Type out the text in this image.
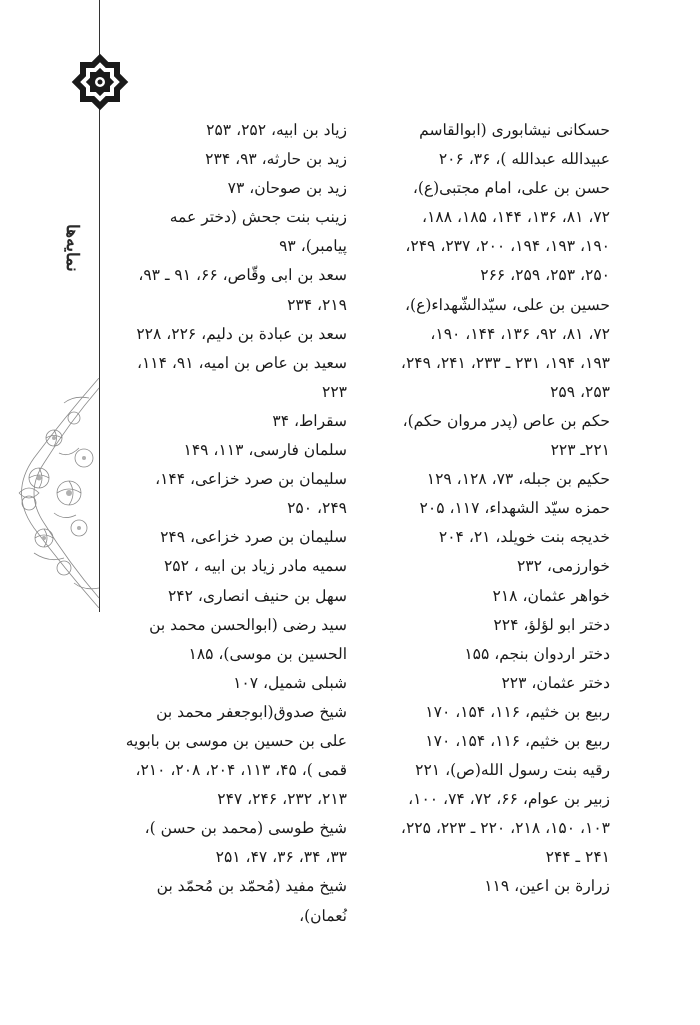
نمایه‌ها
حسکانی نیشابوری (ابوالقاسم عبیدالله عبدالله )، ۳۶، ۲۰۶
حسن بن علی، امام مجتبی(ع)، ۷۲، ۸۱، ۱۳۶، ۱۴۴، ۱۸۵، ۱۸۸، ۱۹۰، ۱۹۳، ۱۹۴، ۲۰۰، ۲۳۷، ۲۴۹، ۲۵۰، ۲۵۳، ۲۵۹، ۲۶۶
حسین بن علی، سیّدالشّهداء(ع)، ۷۲، ۸۱، ۹۲، ۱۳۶، ۱۴۴، ۱۹۰، ۱۹۳، ۱۹۴، ۲۳۱ ـ ۲۳۳، ۲۴۱، ۲۴۹، ۲۵۳، ۲۵۹
حکم بن عاص (پدر مروان حکم)، ۲۲۱ـ ۲۲۳
حکیم بن جبله، ۷۳، ۱۲۸، ۱۲۹
حمزه سیّد الشهداء، ۱۱۷، ۲۰۵
خدیجه بنت خویلد، ۲۱، ۲۰۴
خوارزمی، ۲۳۲
خواهر عثمان، ۲۱۸
دختر ابو لؤلؤ، ۲۲۴
دختر اردوان بنجم، ۱۵۵
دختر عثمان، ۲۲۳
ربیع بن خثیم، ۱۱۶، ۱۵۴، ۱۷۰
ربیع بن خثیم، ۱۱۶، ۱۵۴، ۱۷۰
رقیه بنت رسول الله(ص)، ۲۲۱
زبیر بن عوام، ۶۶، ۷۲، ۷۴، ۱۰۰، ۱۰۳، ۱۵۰، ۲۱۸، ۲۲۰ ـ ۲۲۳، ۲۲۵، ۲۴۱ ـ ۲۴۴
زرارة بن اعین، ۱۱۹
زیاد بن ابیه، ۲۵۲، ۲۵۳
زید بن حارثه، ۹۳، ۲۳۴
زید بن صوحان، ۷۳
زینب بنت جحش (دختر عمه پیامبر)، ۹۳
سعد بن ابی وقّاص، ۶۶، ۹۱ ـ ۹۳، ۲۱۹، ۲۳۴
سعد بن عبادة بن دلیم، ۲۲۶، ۲۲۸
سعید بن عاص بن امیه، ۹۱، ۱۱۴، ۲۲۳
سقراط، ۳۴
سلمان فارسی، ۱۱۳، ۱۴۹
سلیمان بن صرد خزاعی، ۱۴۴، ۲۴۹، ۲۵۰
سلیمان بن صرد خزاعی، ۲۴۹
سمیه مادر زیاد بن ابیه ، ۲۵۲
سهل بن حنیف انصاری، ۲۴۲
سید رضی (ابوالحسن محمد بن الحسین بن موسی)، ۱۸۵
شبلی شمیل، ۱۰۷
شیخ صدوق(ابوجعفر محمد بن علی بن حسین بن موسی بن بابویه قمی )، ۴۵، ۱۱۳، ۲۰۴، ۲۰۸، ۲۱۰، ۲۱۳، ۲۳۲، ۲۴۶، ۲۴۷
شیخ طوسی (محمد بن حسن )، ۳۳، ۳۴، ۳۶، ۴۷، ۲۵۱
شیخ مفید (مُحمّد بن مُحمّد بن نُعمان)،
